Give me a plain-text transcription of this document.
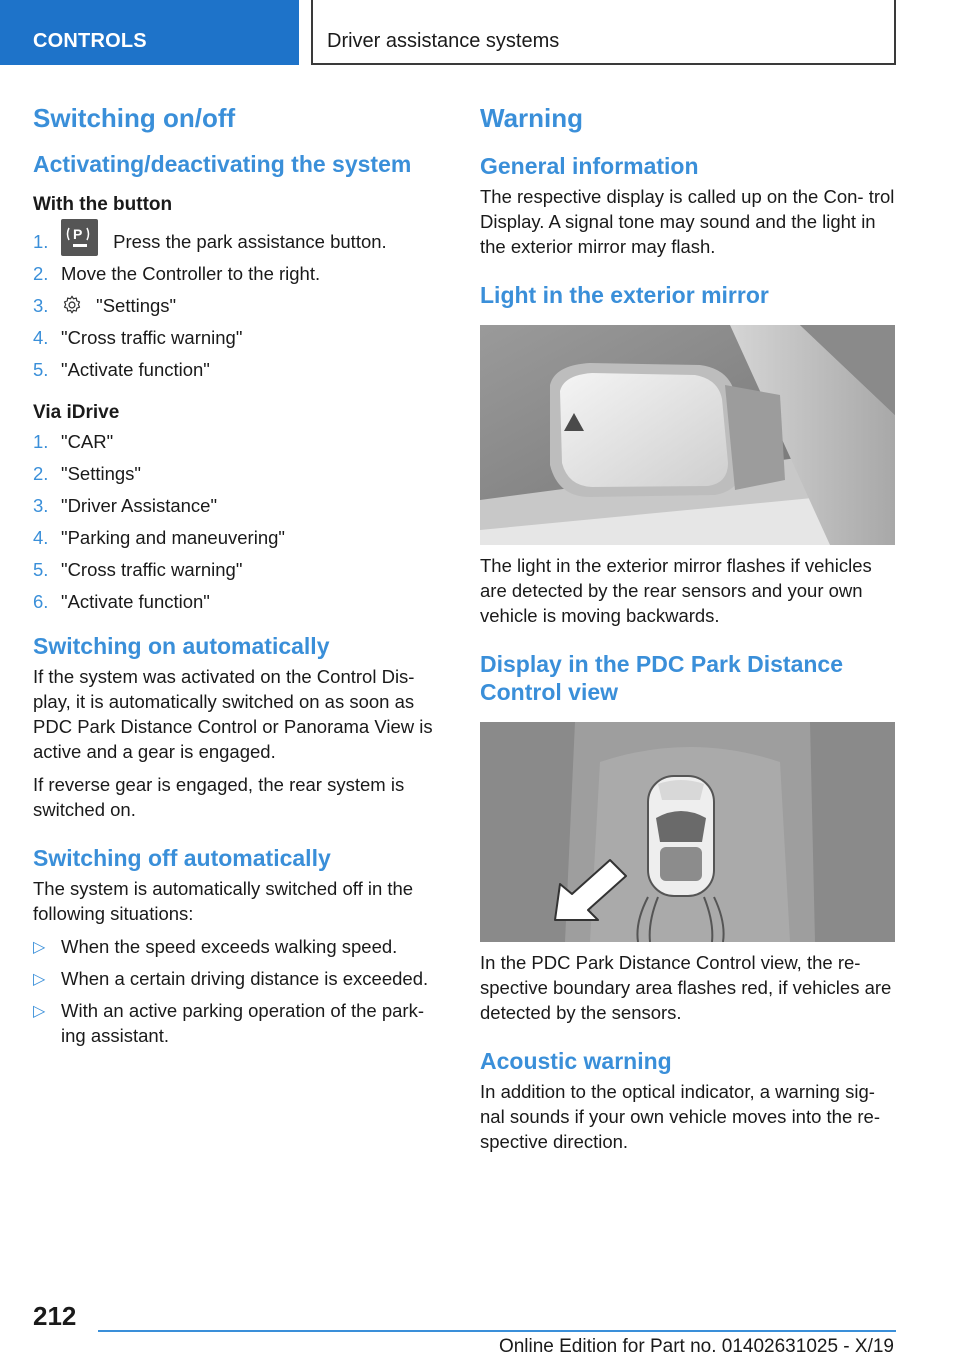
CONTROLS	Driver assistance systems
Switching on/off
Activating/deactivating the system
With the button
1. P Press the park assistance button.
2. Move the Controller to the right.
3.	"Settings"
4. "Cross traffic warning"
5. "Activate function"
Via iDrive
1. "CAR"
2. "Settings"
3. "Driver Assistance"
4. "Parking and maneuvering"
5. "Cross traffic warning"
6. "Activate function"
Switching on automatically
If the system was activated on the Control Dis‐ play, it is automatically switched on as soon as PDC Park Distance Control or Panorama View is active and a gear is engaged.
If reverse gear is engaged, the rear system is switched on.
Switching off automatically
The system is automatically switched off in the following situations:
▷ When the speed exceeds walking speed.
▷ When a certain driving distance is exceeded.
▷ With an active parking operation of the park‐ ing assistant.
Warning
General information
The respective display is called up on the Con‐ trol Display. A signal tone may sound and the light in the exterior mirror may flash.
Light in the exterior mirror
The light in the exterior mirror flashes if vehicles are detected by the rear sensors and your own vehicle is moving backwards.
Display in the PDC Park Distance Control view
In the PDC Park Distance Control view, the re‐ spective boundary area flashes red, if vehicles are detected by the sensors.
Acoustic warning
In addition to the optical indicator, a warning sig‐ nal sounds if your own vehicle moves into the re‐ spective direction.
212
Online Edition for Part no. 01402631025 - X/19
